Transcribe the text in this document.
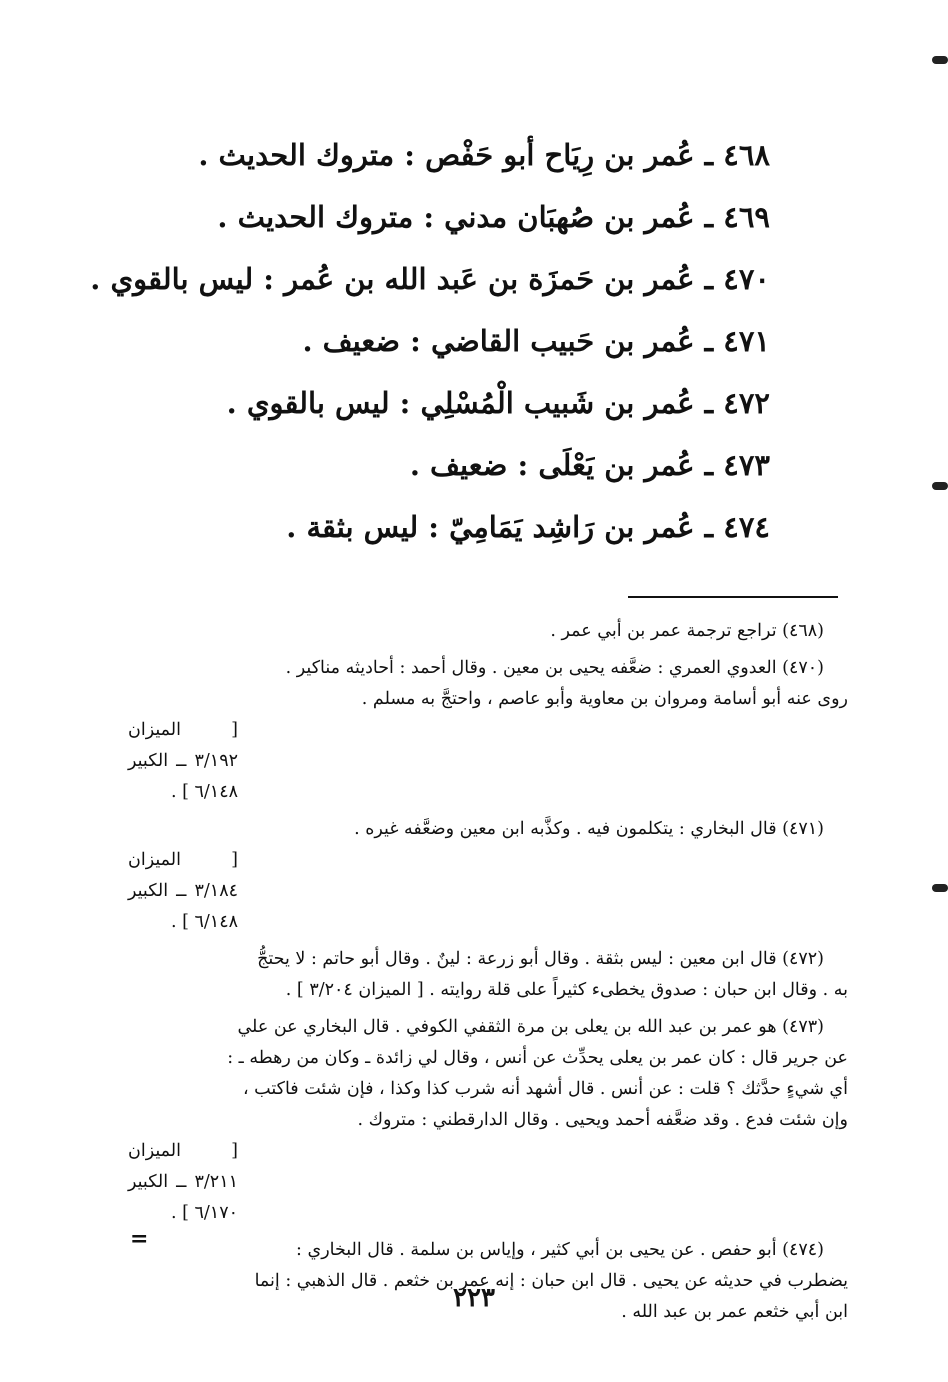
٤٦٨ ـ عُمر بن رِيَاح أبو حَفْص : متروك الحديث .
٤٦٩ ـ عُمر بن صُهبَان مدني : متروك الحديث .
٤٧٠ ـ عُمر بن حَمزَة بن عَبد الله بن عُمر : ليس بالقوي .
٤٧١ ـ عُمر بن حَبيب القاضي : ضعيف .
٤٧٢ ـ عُمر بن شَبيب الْمُسْلِي : ليس بالقوي .
٤٧٣ ـ عُمر بن يَعْلَى : ضعيف .
٤٧٤ ـ عُمر بن رَاشِد يَمَامِيّ : ليس بثقة .

(٤٦٨) تراجع ترجمة عمر بن أبي عمر .

(٤٧٠) العدوي العمري : ضعَّفه يحيى بن معين . وقال أحمد : أحاديثه مناكير .

روى عنه أبو أسامة ومروان بن معاوية وأبو عاصم ، واحتجَّ به مسلم .

[ الميزان ٣/١٩٢ ــ الكبير ٦/١٤٨ ] .

(٤٧١) قال البخاري : يتكلمون فيه . وكذَّبه ابن معين وضعَّفه غيره .

[ الميزان ٣/١٨٤ ــ الكبير ٦/١٤٨ ] .

(٤٧٢) قال ابن معين : ليس بثقة . وقال أبو زرعة : لينٌ . وقال أبو حاتم : لا يحتجُّ

به . وقال ابن حبان : صدوق يخطىء كثيراً على قلة روايته . [ الميزان ٣/٢٠٤ ] .

(٤٧٣) هو عمر بن عبد الله بن يعلى بن مرة الثقفي الكوفي . قال البخاري عن علي

عن جرير قال : كان عمر بن يعلى يحدِّث عن أنس ، وقال لي زائدة ـ وكان من رهطه ـ :

أي شيءٍ حدَّثك ؟ قلت : عن أنس . قال أشهد أنه شرب كذا وكذا ، فإن شئت فاكتب ،

وإن شئت فدع . وقد ضعَّفه أحمد ويحيى . وقال الدارقطني : متروك .

[ الميزان ٣/٢١١ ــ الكبير ٦/١٧٠ ] .

(٤٧٤) أبو حفص . عن يحيى بن أبي كثير ، وإياس بن سلمة . قال البخاري :

يضطرب في حديثه عن يحيى . قال ابن حبان : إنه عمر بن خثعم . قال الذهبي : إنما

ابن أبي خثعم عمر بن عبد الله .

=
٢٢٣
